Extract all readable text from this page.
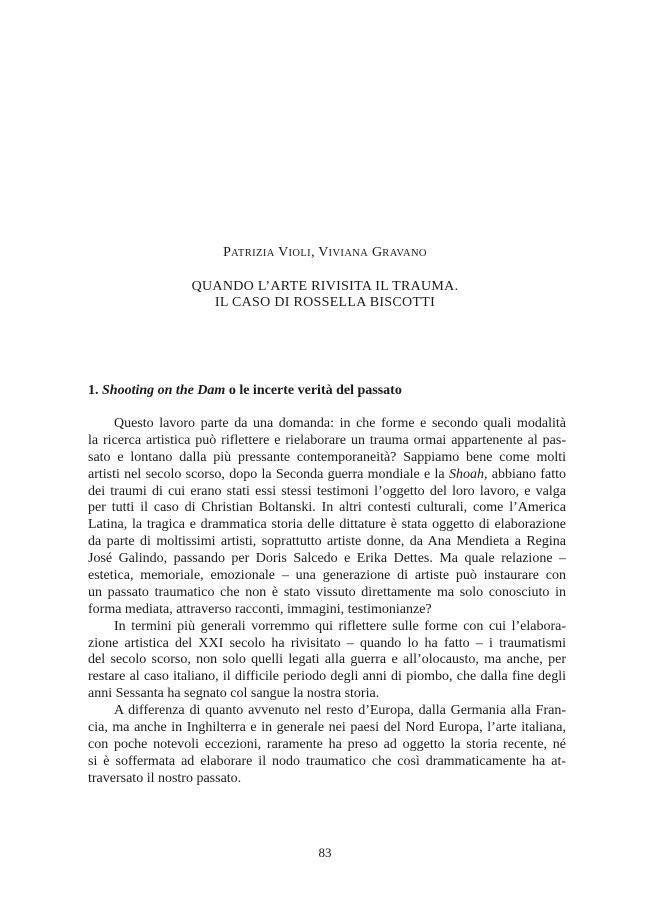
PATRIZIA VIOLI, VIVIANA GRAVANO
QUANDO L’ARTE RIVISITA IL TRAUMA.
IL CASO DI ROSSELLA BISCOTTI
1. Shooting on the Dam o le incerte verità del passato
Questo lavoro parte da una domanda: in che forme e secondo quali modalità
la ricerca artistica può riflettere e rielaborare un trauma ormai appartenente al pas-
sato e lontano dalla più pressante contemporaneità? Sappiamo bene come molti
artisti nel secolo scorso, dopo la Seconda guerra mondiale e la Shoah, abbiano fatto
dei traumi di cui erano stati essi stessi testimoni l’oggetto del loro lavoro, e valga
per tutti il caso di Christian Boltanski. In altri contesti culturali, come l’America
Latina, la tragica e drammatica storia delle dittature è stata oggetto di elaborazione
da parte di moltissimi artisti, soprattutto artiste donne, da Ana Mendieta a Regina
José Galindo, passando per Doris Salcedo e Erika Dettes. Ma quale relazione –
estetica, memoriale, emozionale – una generazione di artiste può instaurare con
un passato traumatico che non è stato vissuto direttamente ma solo conosciuto in
forma mediata, attraverso racconti, immagini, testimonianze?
In termini più generali vorremmo qui riflettere sulle forme con cui l’elabora-
zione artistica del XXI secolo ha rivisitato – quando lo ha fatto – i traumatismi
del secolo scorso, non solo quelli legati alla guerra e all’olocausto, ma anche, per
restare al caso italiano, il difficile periodo degli anni di piombo, che dalla fine degli
anni Sessanta ha segnato col sangue la nostra storia.
A differenza di quanto avvenuto nel resto d’Europa, dalla Germania alla Fran-
cia, ma anche in Inghilterra e in generale nei paesi del Nord Europa, l’arte italiana,
con poche notevoli eccezioni, raramente ha preso ad oggetto la storia recente, né
si è soffermata ad elaborare il nodo traumatico che così drammaticamente ha at-
traversato il nostro passato.
83
